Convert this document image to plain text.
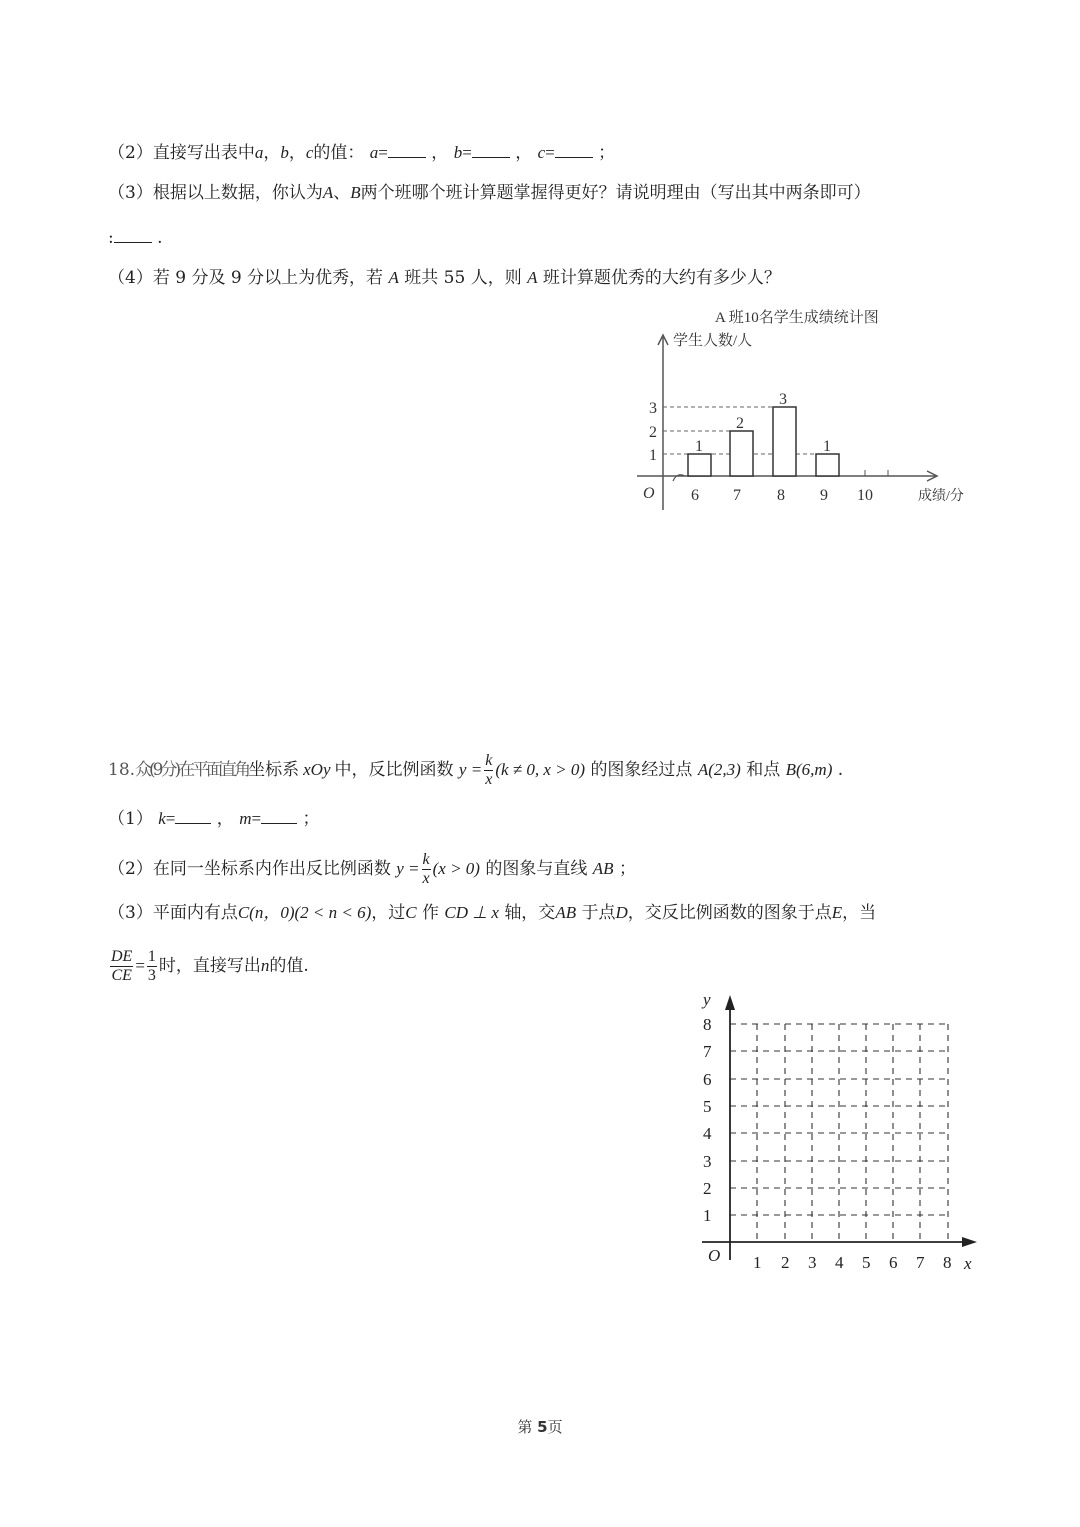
（2）直接写出表中a，b，c的值： a=	， b=	， c=	；
（3）根据以上数据，你认为A、B两个班哪个班计算题掌握得更好？请说明理由（写出其中两条即可）
:	.
（4）若 9 分及 9 分以上为优秀，若 A 班共 55 人，则 A 班计算题优秀的大约有多少人？
A 班10名学生成绩统计图
学生人数/人
1
2
3
1
1
2
3
O 6 7 8 9 10	成绩/分
18.众(9分)在平面直角坐标系 xOy 中，反比例函数 $y = \frac{k}{x} (k \ne 0$, x > 0) 的图象经过点 A(2,3) 和点 B(6,m) .
（1） k= ， m= ；
（2）在同一坐标系内作出反比例函数 $y = \frac{k}{x} (x > 0)$ 的图象与直线 AB ；
（3）平面内有点C(n，0)(2 < n < 6)，过C 作 CD ⊥ x 轴，交AB 于点D，交反比例函数的图象于点E，当
$\frac{DE}{CE} = \frac{1}{3}$ 时，直接写出n的值.
y
O	x
8
7
6
5
4
3
2
1
1 2 3 4 5 6 7 8
第 5页
